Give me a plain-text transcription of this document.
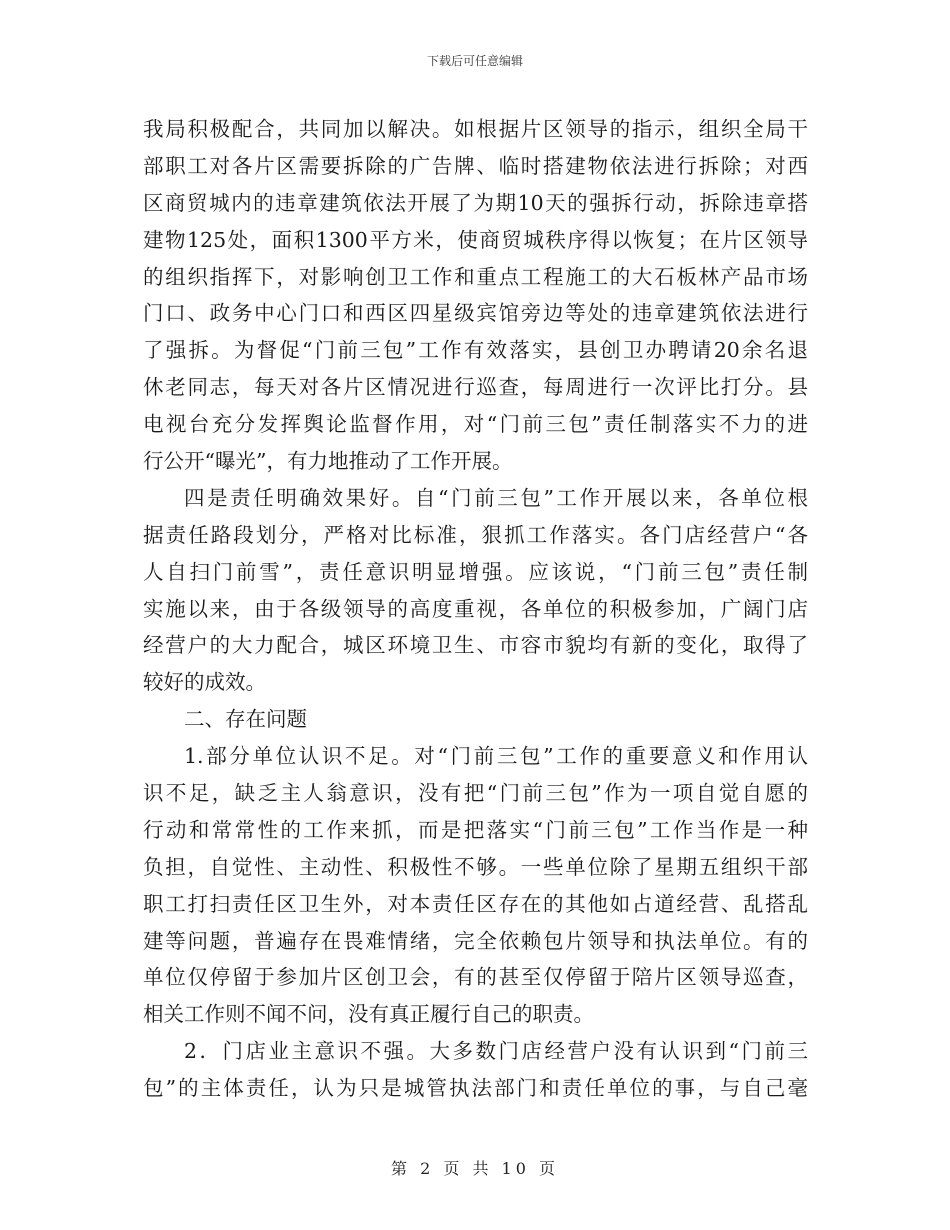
下载后可任意编辑
我局积极配合，共同加以解决。如根据片区领导的指示，组织全局干
部职工对各片区需要拆除的广告牌、临时搭建物依法进行拆除；对西
区商贸城内的违章建筑依法开展了为期10天的强拆行动，拆除违章搭
建物125处，面积1300平方米，使商贸城秩序得以恢复；在片区领导
的组织指挥下，对影响创卫工作和重点工程施工的大石板林产品市场
门口、政务中心门口和西区四星级宾馆旁边等处的违章建筑依法进行
了强拆。为督促“门前三包”工作有效落实，县创卫办聘请20余名退
休老同志，每天对各片区情况进行巡查，每周进行一次评比打分。县
电视台充分发挥舆论监督作用，对“门前三包”责任制落实不力的进
行公开“曝光”，有力地推动了工作开展。
四是责任明确效果好。自“门前三包”工作开展以来，各单位根
据责任路段划分，严格对比标准，狠抓工作落实。各门店经营户“各
人自扫门前雪”，责任意识明显增强。应该说，“门前三包”责任制
实施以来，由于各级领导的高度重视，各单位的积极参加，广阔门店
经营户的大力配合，城区环境卫生、市容市貌均有新的变化，取得了
较好的成效。
二、存在问题
1.部分单位认识不足。对“门前三包”工作的重要意义和作用认
识不足，缺乏主人翁意识，没有把“门前三包”作为一项自觉自愿的
行动和常常性的工作来抓，而是把落实“门前三包”工作当作是一种
负担，自觉性、主动性、积极性不够。一些单位除了星期五组织干部
职工打扫责任区卫生外，对本责任区存在的其他如占道经营、乱搭乱
建等问题，普遍存在畏难情绪，完全依赖包片领导和执法单位。有的
单位仅停留于参加片区创卫会，有的甚至仅停留于陪片区领导巡查，
相关工作则不闻不问，没有真正履行自己的职责。
2．门店业主意识不强。大多数门店经营户没有认识到“门前三
包”的主体责任，认为只是城管执法部门和责任单位的事，与自己毫
第 2 页 共 10 页
